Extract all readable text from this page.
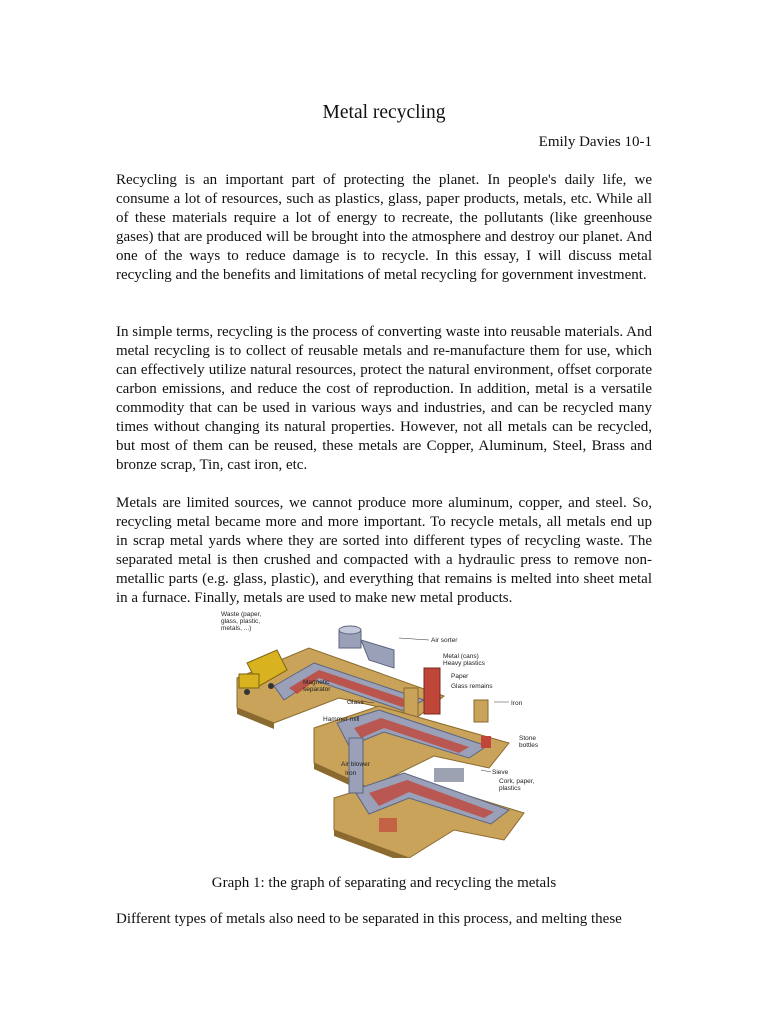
Metal recycling
Emily Davies 10-1

Recycling is an important part of protecting the planet. In people's daily life, we consume a lot of resources, such as plastics, glass, paper products, metals, etc. While all of these materials require a lot of energy to recreate, the pollutants (like greenhouse gases) that are produced will be brought into the atmosphere and destroy our planet. And one of the ways to reduce damage is to recycle. In this essay, I will discuss metal recycling and the benefits and limitations of metal recycling for government investment.

In simple terms, recycling is the process of converting waste into reusable materials. And metal recycling is to collect of reusable metals and re-manufacture them for use, which can effectively utilize natural resources, protect the natural environment, offset corporate carbon emissions, and reduce the cost of reproduction. In addition, metal is a versatile commodity that can be used in various ways and industries, and can be recycled many times without changing its natural properties. However, not all metals can be recycled, but most of them can be reused, these metals are Copper, Aluminum, Steel, Brass and bronze scrap, Tin, cast iron, etc.

Metals are limited sources, we cannot produce more aluminum, copper, and steel. So, recycling metal became more and more important. To recycle metals, all metals end up in scrap metal yards where they are sorted into different types of recycling waste. The separated metal is then crushed and compacted with a hydraulic press to remove non-metallic parts (e.g. glass, plastic), and everything that remains is melted into sheet metal in a furnace. Finally, metals are used to make new metal products.

Waste (paper,
glass, plastic,
metals, ...)
Air sorter
Metal (cans)
Heavy plastics
Paper
Glass remains
Magnetic
separator
Glass	Iron
Hammer mill
Stone
bottles
Air blower
Iron	Sieve
Cork, paper,
plastics
Graph 1: the graph of separating and recycling the metals

Different types of metals also need to be separated in this process, and melting these
